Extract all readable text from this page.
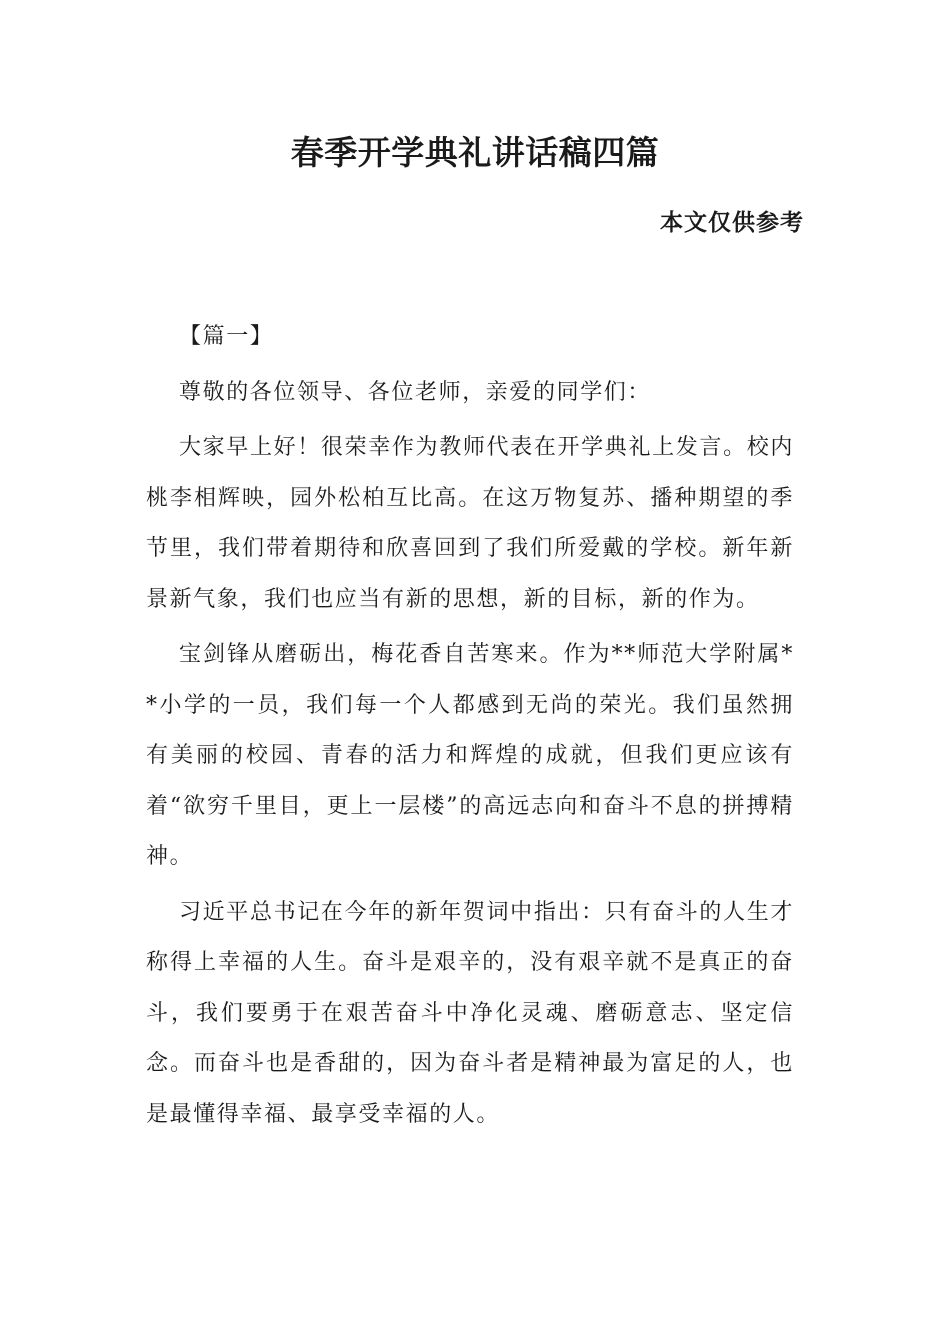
春季开学典礼讲话稿四篇

本文仅供参考

【篇一】

尊敬的各位领导、各位老师，亲爱的同学们：

大家早上好！很荣幸作为教师代表在开学典礼上发言。校内桃李相辉映，园外松柏互比高。在这万物复苏、播种期望的季节里，我们带着期待和欣喜回到了我们所爱戴的学校。新年新景新气象，我们也应当有新的思想，新的目标，新的作为。

宝剑锋从磨砺出，梅花香自苦寒来。作为**师范大学附属**小学的一员，我们每一个人都感到无尚的荣光。我们虽然拥有美丽的校园、青春的活力和辉煌的成就，但我们更应该有着“欲穷千里目，更上一层楼”的高远志向和奋斗不息的拼搏精神。

习近平总书记在今年的新年贺词中指出：只有奋斗的人生才称得上幸福的人生。奋斗是艰辛的，没有艰辛就不是真正的奋斗，我们要勇于在艰苦奋斗中净化灵魂、磨砺意志、坚定信念。而奋斗也是香甜的，因为奋斗者是精神最为富足的人，也是最懂得幸福、最享受幸福的人。
